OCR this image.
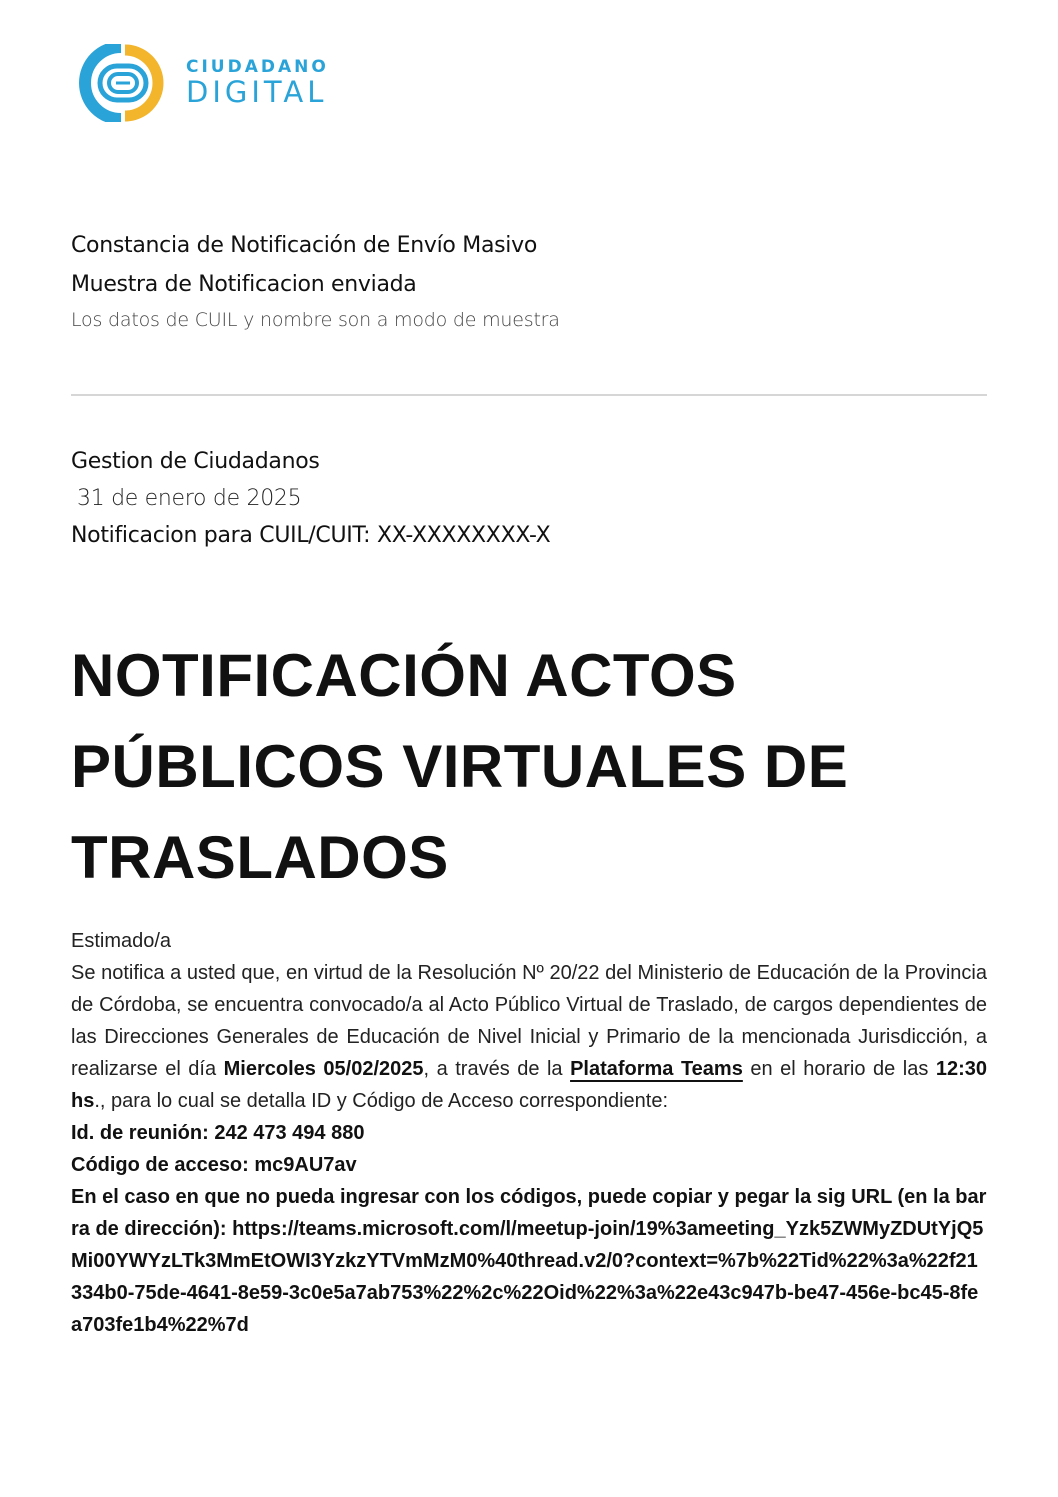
CIUDADANO
DIGITAL

Constancia de Notificación de Envío Masivo

Muestra de Notificacion enviada

Los datos de CUIL y nombre son a modo de muestra

Gestion de Ciudadanos

31 de enero de 2025

Notificacion para CUIL/CUIT: XX-XXXXXXXX-X

NOTIFICACIÓN ACTOS
PÚBLICOS VIRTUALES DE
TRASLADOS

Estimado/a

Se notifica a usted que, en virtud de la Resolución Nº 20/22 del Ministerio de Educación de la Provincia de Córdoba, se encuentra convocado/a al Acto Público Virtual de Traslado, de cargos dependientes de las Direcciones Generales de Educación de Nivel Inicial y Primario de la mencionada Jurisdicción, a realizarse el día Miercoles 05/02/2025, a través de la Plataforma Teams en el horario de las 12:30 hs., para lo cual se detalla ID y Código de Acceso correspondiente:

Id. de reunión: 242 473 494 880

Código de acceso: mc9AU7av

En el caso en que no pueda ingresar con los códigos, puede copiar y pegar la sig URL (en la barra de dirección): https://teams.microsoft.com/l/meetup-join/19%3ameeting_Yzk5ZWMyZDUtYjQ5Mi00YWYzLTk3MmEtOWI3YzkzYTVmMzM0%40thread.v2/0?context=%7b%22Tid%22%3a%22f21334b0-75de-4641-8e59-3c0e5a7ab753%22%2c%22Oid%22%3a%22e43c947b-be47-456e-bc45-8fea703fe1b4%22%7d
